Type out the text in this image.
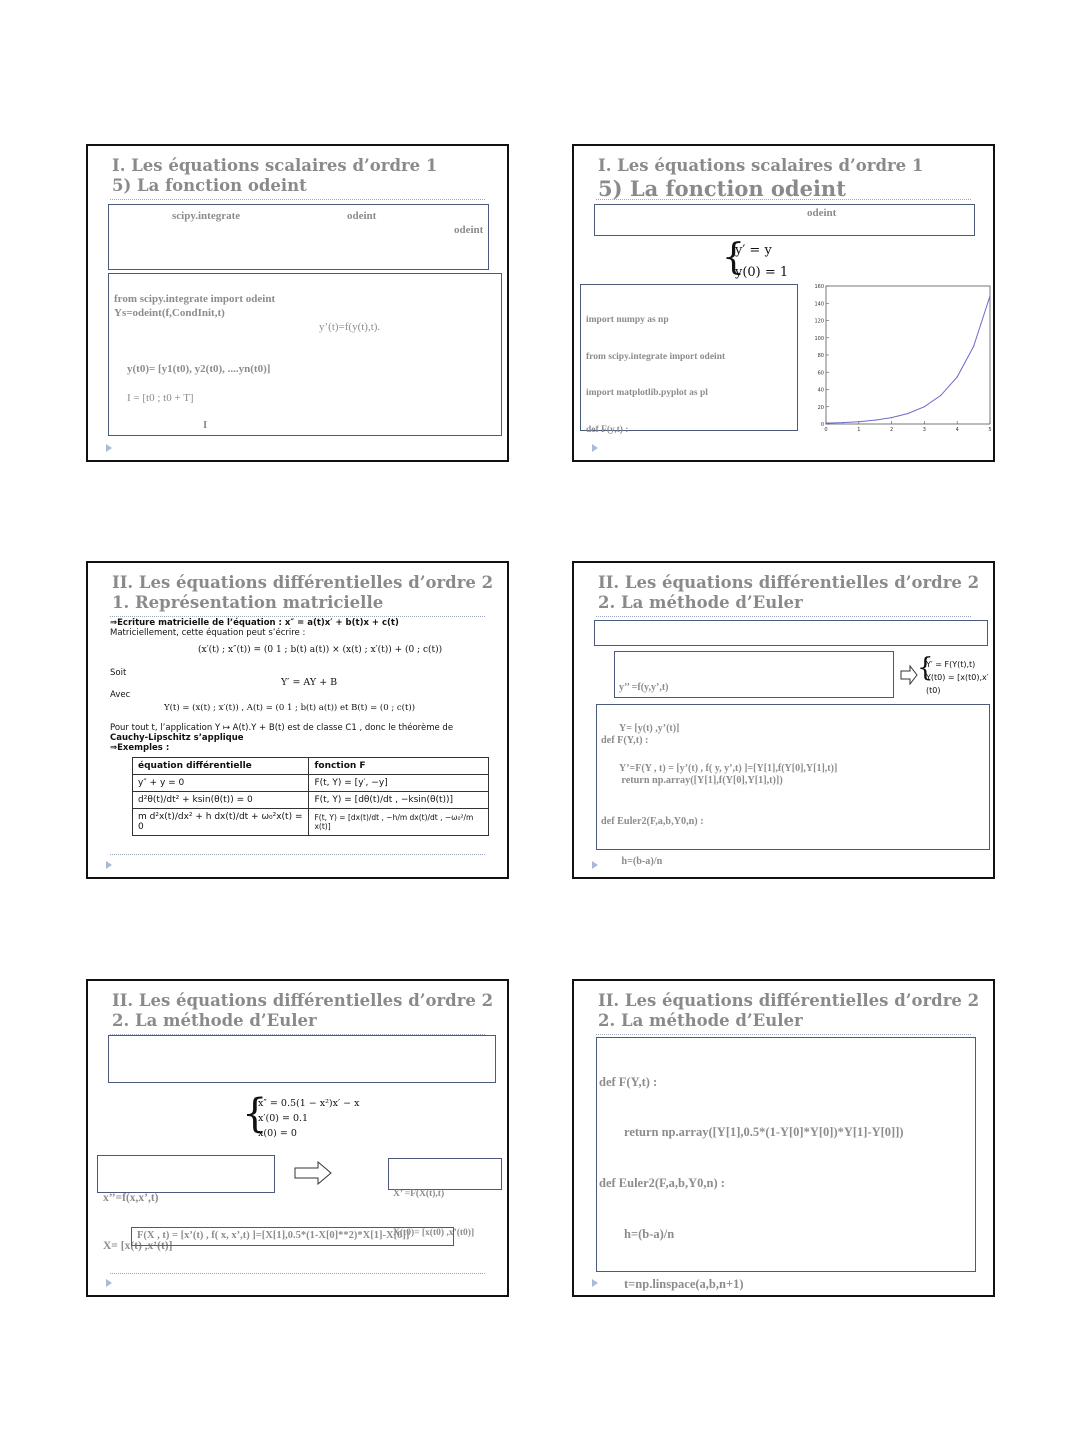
I. Les équations scalaires d’ordre 1
5) La fonction odeint
scipy.integrate	odeint
odeint
from scipy.integrate import odeint
Ys=odeint(f,CondInit,t)
y’(t)=f(y(t),t).
y(t0)= [y1(t0), y2(t0), ....yn(t0)]
I = [t0 ; t0 + T]
I
I. Les équations scalaires d’ordre 1
5) La fonction odeint
odeint
{
y′ = y
y(0) = 1

import numpy as np

from scipy.integrate import odeint

import matplotlib.pyplot as pl

def F(y,t) :

	0
20
40
60
80
100
120
140
160
0	1	2	3	4	5
II. Les équations différentielles d’ordre 2
1. Représentation matricielle
⇒Ecriture matricielle de l’équation : x″ = a(t)x′ + b(t)x + c(t)
Matriciellement, cette équation peut s’écrire :
(x′(t) ; x″(t)) = (0 1 ; b(t) a(t)) × (x(t) ; x′(t)) + (0 ; c(t))
Soit
Y′ = AY + B
Avec
Y(t) = (x(t) ; x′(t)) , A(t) = (0 1 ; b(t) a(t)) et B(t) = (0 ; c(t))
Pour tout t, l’application Y ↦ A(t).Y + B(t) est de classe C1 , donc le théorème de
Cauchy-Lipschitz s’applique
⇒Exemples :
équation différentielle	fonction F
y″ + y = 0	F(t, Y) = [y′, −y]
d²θ(t)/dt² + ksin(θ(t)) = 0	F(t, Y) = [dθ(t)/dt , −ksin(θ(t))]
m d²x(t)/dx² + h dx(t)/dt + ω₀²x(t) = 0	F(t, Y) = [dx(t)/dt , −h/m dx(t)/dt , −ω₀²/m x(t)]
II. Les équations différentielles d’ordre 2
2. La méthode d’Euler

y’’ =f(y,y’,t)

Y= [y(t) ,y’(t)]

Y’=F(Y , t) = [y’(t) , f( y, y’,t) ]=[Y[1],f(Y[0],Y[1],t)]

{
Y′ = F(Y(t),t)
Y(t0) = [x(t0),x′(t0)

def F(Y,t) :

return np.array([Y[1],f(Y[0],Y[1],t)])

def Euler2(F,a,b,Y0,n) :

h=(b-a)/n

II. Les équations différentielles d’ordre 2
2. La méthode d’Euler
{
x″ = 0.5(1 − x²)x′ − x
x′(0) = 0.1
x(0) = 0

x’’=f(x,x’,t)

X= [x(t) ,x’(t)]

X’ =F(X(t),t)

X(t0)= [x(t0) ,x’(t0)]

F(X , t) = [x’(t) , f( x, x’,t) ]=[X[1],0.5*(1-X[0]**2)*X[1]-X[0]]
II. Les équations différentielles d’ordre 2
2. La méthode d’Euler

def F(Y,t) :

return np.array([Y[1],0.5*(1-Y[0]*Y[0])*Y[1]-Y[0]])

def Euler2(F,a,b,Y0,n) :

h=(b-a)/n

t=np.linspace(a,b,n+1)
